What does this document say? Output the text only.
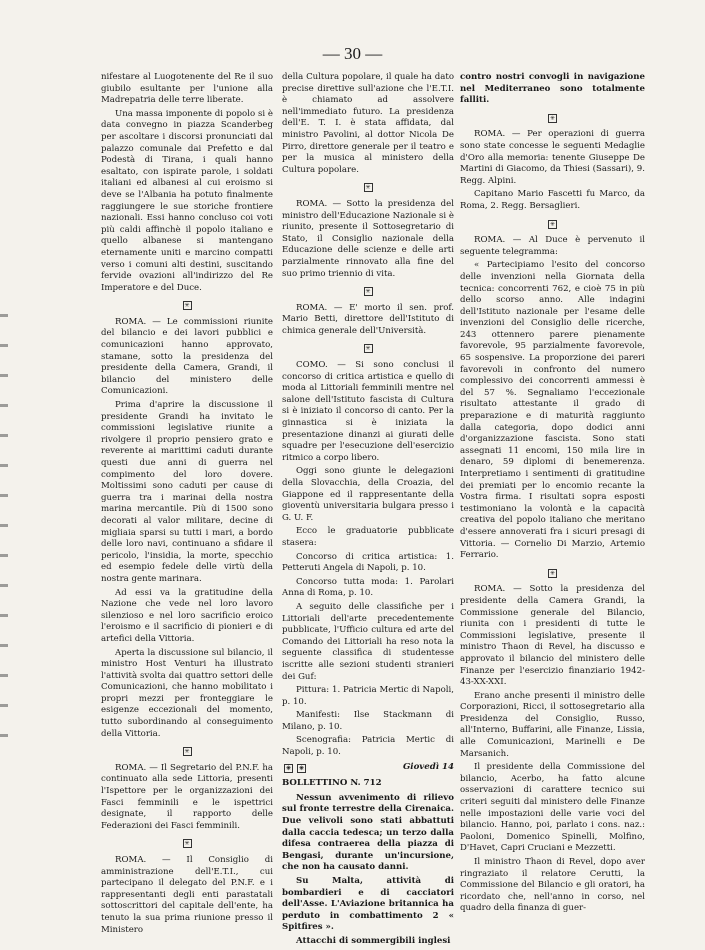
— 30 —

nifestare al Luogotenente del Re il suo giubilo esultante per l'unione alla Madrepatria delle terre liberate.

Una massa imponente di popolo si è data convegno in piazza Scanderbeg per ascoltare i discorsi pronunciati dal palazzo comunale dai Prefetto e dal Podestà di Tirana, i quali hanno esaltato, con ispirate parole, i soldati italiani ed albanesi al cui eroismo si deve se l'Albania ha potuto finalmente raggiungere le sue storiche frontiere nazionali. Essi hanno concluso coi voti più caldi affinchè il popolo italiano e quello albanese si mantengano eternamente uniti e marcino compatti verso i comuni alti destini, suscitando fervide ovazioni all'indirizzo del Re Imperatore e del Duce.

✳

ROMA. — Le commissioni riunite del bilancio e dei lavori pubblici e comunicazioni hanno approvato, stamane, sotto la presidenza del presidente della Camera, Grandi, il bilancio del ministero delle Comunicazioni.

Prima d'aprire la discussione il presidente Grandi ha invitato le commissioni legislative riunite a rivolgere il proprio pensiero grato e reverente ai marittimi caduti durante questi due anni di guerra nel compimento del loro dovere. Moltissimi sono caduti per cause di guerra tra i marinai della nostra marina mercantile. Più di 1500 sono decorati al valor militare, decine di migliaia sparsi su tutti i mari, a bordo delle loro navi, continuano a sfidare il pericolo, l'insidia, la morte, specchio ed esempio fedele delle virtù della nostra gente marinara.

Ad essi va la gratitudine della Nazione che vede nel loro lavoro silenzioso e nel loro sacrificio eroico l'eroismo e il sacrificio di pionieri e di artefici della Vittoria.

Aperta la discussione sul bilancio, il ministro Host Venturi ha illustrato l'attività svolta dai quattro settori delle Comunicazioni, che hanno mobilitato i propri mezzi per fronteggiare le esigenze eccezionali del momento, tutto subordinando al conseguimento della Vittoria.

✳

ROMA. — Il Segretario del P.N.F. ha continuato alla sede Littoria, presenti l'Ispettore per le organizzazioni dei Fasci femminili e le ispettrici designate, il rapporto delle Federazioni dei Fasci femminili.

✳

ROMA. — Il Consiglio di amministrazione dell'E.T.I., cui partecipano il delegato del P.N.F. e i rappresentanti degli enti parastatali sottoscrittori del capitale dell'ente, ha tenuto la sua prima riunione presso il Ministero

della Cultura popolare, il quale ha dato precise direttive sull'azione che l'E.T.I. è chiamato ad assolvere nell'immediato futuro. La presidenza dell'E. T. I. è stata affidata, dal ministro Pavolini, al dottor Nicola De Pirro, direttore generale per il teatro e per la musica al ministero della Cultura popolare.

✳

ROMA. — Sotto la presidenza del ministro dell'Educazione Nazionale si è riunito, presente il Sottosegretario di Stato, il Consiglio nazionale della Educazione delle scienze e delle arti parzialmente rinnovato alla fine del suo primo triennio di vita.

✳

ROMA. — E' morto il sen. prof. Mario Betti, direttore dell'Istituto di chimica generale dell'Università.

✳

COMO. — Si sono conclusi il concorso di critica artistica e quello di moda al Littoriali femminili mentre nel salone dell'Istituto fascista di Cultura si è iniziato il concorso di canto. Per la ginnastica si è iniziata la presentazione dinanzi ai giurati delle squadre per l'esecuzione dell'esercizio ritmico a corpo libero.

Oggi sono giunte le delegazioni della Slovacchia, della Croazia, del Giappone ed il rappresentante della gioventù universitaria bulgara presso i G. U. F.

Ecco le graduatorie pubblicate stasera:

Concorso di critica artistica: 1. Petteruti Angela di Napoli, p. 10.

Concorso tutta moda: 1. Parolari Anna di Roma, p. 10.

A seguito delle classifiche per i Littoriali dell'arte precedentemente pubblicate, l'Ufficio cultura ed arte del Comando dei Littoriali ha reso nota la seguente classifica di studentesse iscritte alle sezioni studenti stranieri dei Guf:

Pittura: 1. Patricia Mertic di Napoli, p. 10.

Manifesti: Ilse Stackmann di Milano, p. 10.

Scenografia: Patricia Mertic di Napoli, p. 10.

✳ ✳	Giovedì 14

BOLLETTINO N. 712

Nessun avvenimento di rilievo sul fronte terrestre della Cirenaica. Due velivoli sono stati abbattuti dalla caccia tedesca; un terzo dalla difesa contraerea della piazza di Bengasi, durante un'incursione, che non ha causato danni.

Su Malta, attività di bombardieri e di cacciatori dell'Asse. L'Aviazione britannica ha perduto in combattimento 2 « Spitfires ».

Attacchi di sommergibili inglesi

contro nostri convogli in navigazione nel Mediterraneo sono totalmente falliti.

✳

ROMA. — Per operazioni di guerra sono state concesse le seguenti Medaglie d'Oro alla memoria: tenente Giuseppe De Martini di Giacomo, da Thiesi (Sassari), 9. Regg. Alpini.

Capitano Mario Fascetti fu Marco, da Roma, 2. Regg. Bersaglieri.

✳

ROMA. — Al Duce è pervenuto il seguente telegramma:

« Partecipiamo l'esito del concorso delle invenzioni nella Giornata della tecnica: concorrenti 762, e cioè 75 in più dello scorso anno. Alle indagini dell'Istituto nazionale per l'esame delle invenzioni del Consiglio delle ricerche, 243 ottennero parere pienamente favorevole, 95 parzialmente favorevole, 65 sospensive. La proporzione dei pareri favorevoli in confronto del numero complessivo dei concorrenti ammessi è del 57 %. Segnaliamo l'eccezionale risultato attestante il grado di preparazione e di maturità raggiunto dalla categoria, dopo dodici anni d'organizzazione fascista. Sono stati assegnati 11 encomi, 150 mila lire in denaro, 59 diplomi di benemerenza. Interpretiamo i sentimenti di gratitudine dei premiati per lo encomio recante la Vostra firma. I risultati sopra esposti testimoniano la volontà e la capacità creativa del popolo italiano che meritano d'essere annoverati fra i sicuri presagi di Vittoria. — Cornelio Di Marzio, Artemio Ferrario.

✳

ROMA. — Sotto la presidenza del presidente della Camera Grandi, la Commissione generale del Bilancio, riunita con i presidenti di tutte le Commissioni legislative, presente il ministro Thaon di Revel, ha discusso e approvato il bilancio del ministero delle Finanze per l'esercizio finanziario 1942-43-XX-XXI.

Erano anche presenti il ministro delle Corporazioni, Ricci, il sottosegretario alla Presidenza del Consiglio, Russo, all'Interno, Buffarini, alle Finanze, Lissia, alle Comunicazioni, Marinelli e De Marsanich.

Il presidente della Commissione del bilancio, Acerbo, ha fatto alcune osservazioni di carattere tecnico sui criteri seguiti dal ministero delle Finanze nelle impostazioni delle varie voci del bilancio. Hanno, poi, parlato i cons. naz.: Paoloni, Domenico Spinelli, Molfino, D'Havet, Capri Cruciani e Mezzetti.

Il ministro Thaon di Revel, dopo aver ringraziato il relatore Cerutti, la Commissione del Bilancio e gli oratori, ha ricordato che, nell'anno in corso, nel quadro della finanza di guer-
